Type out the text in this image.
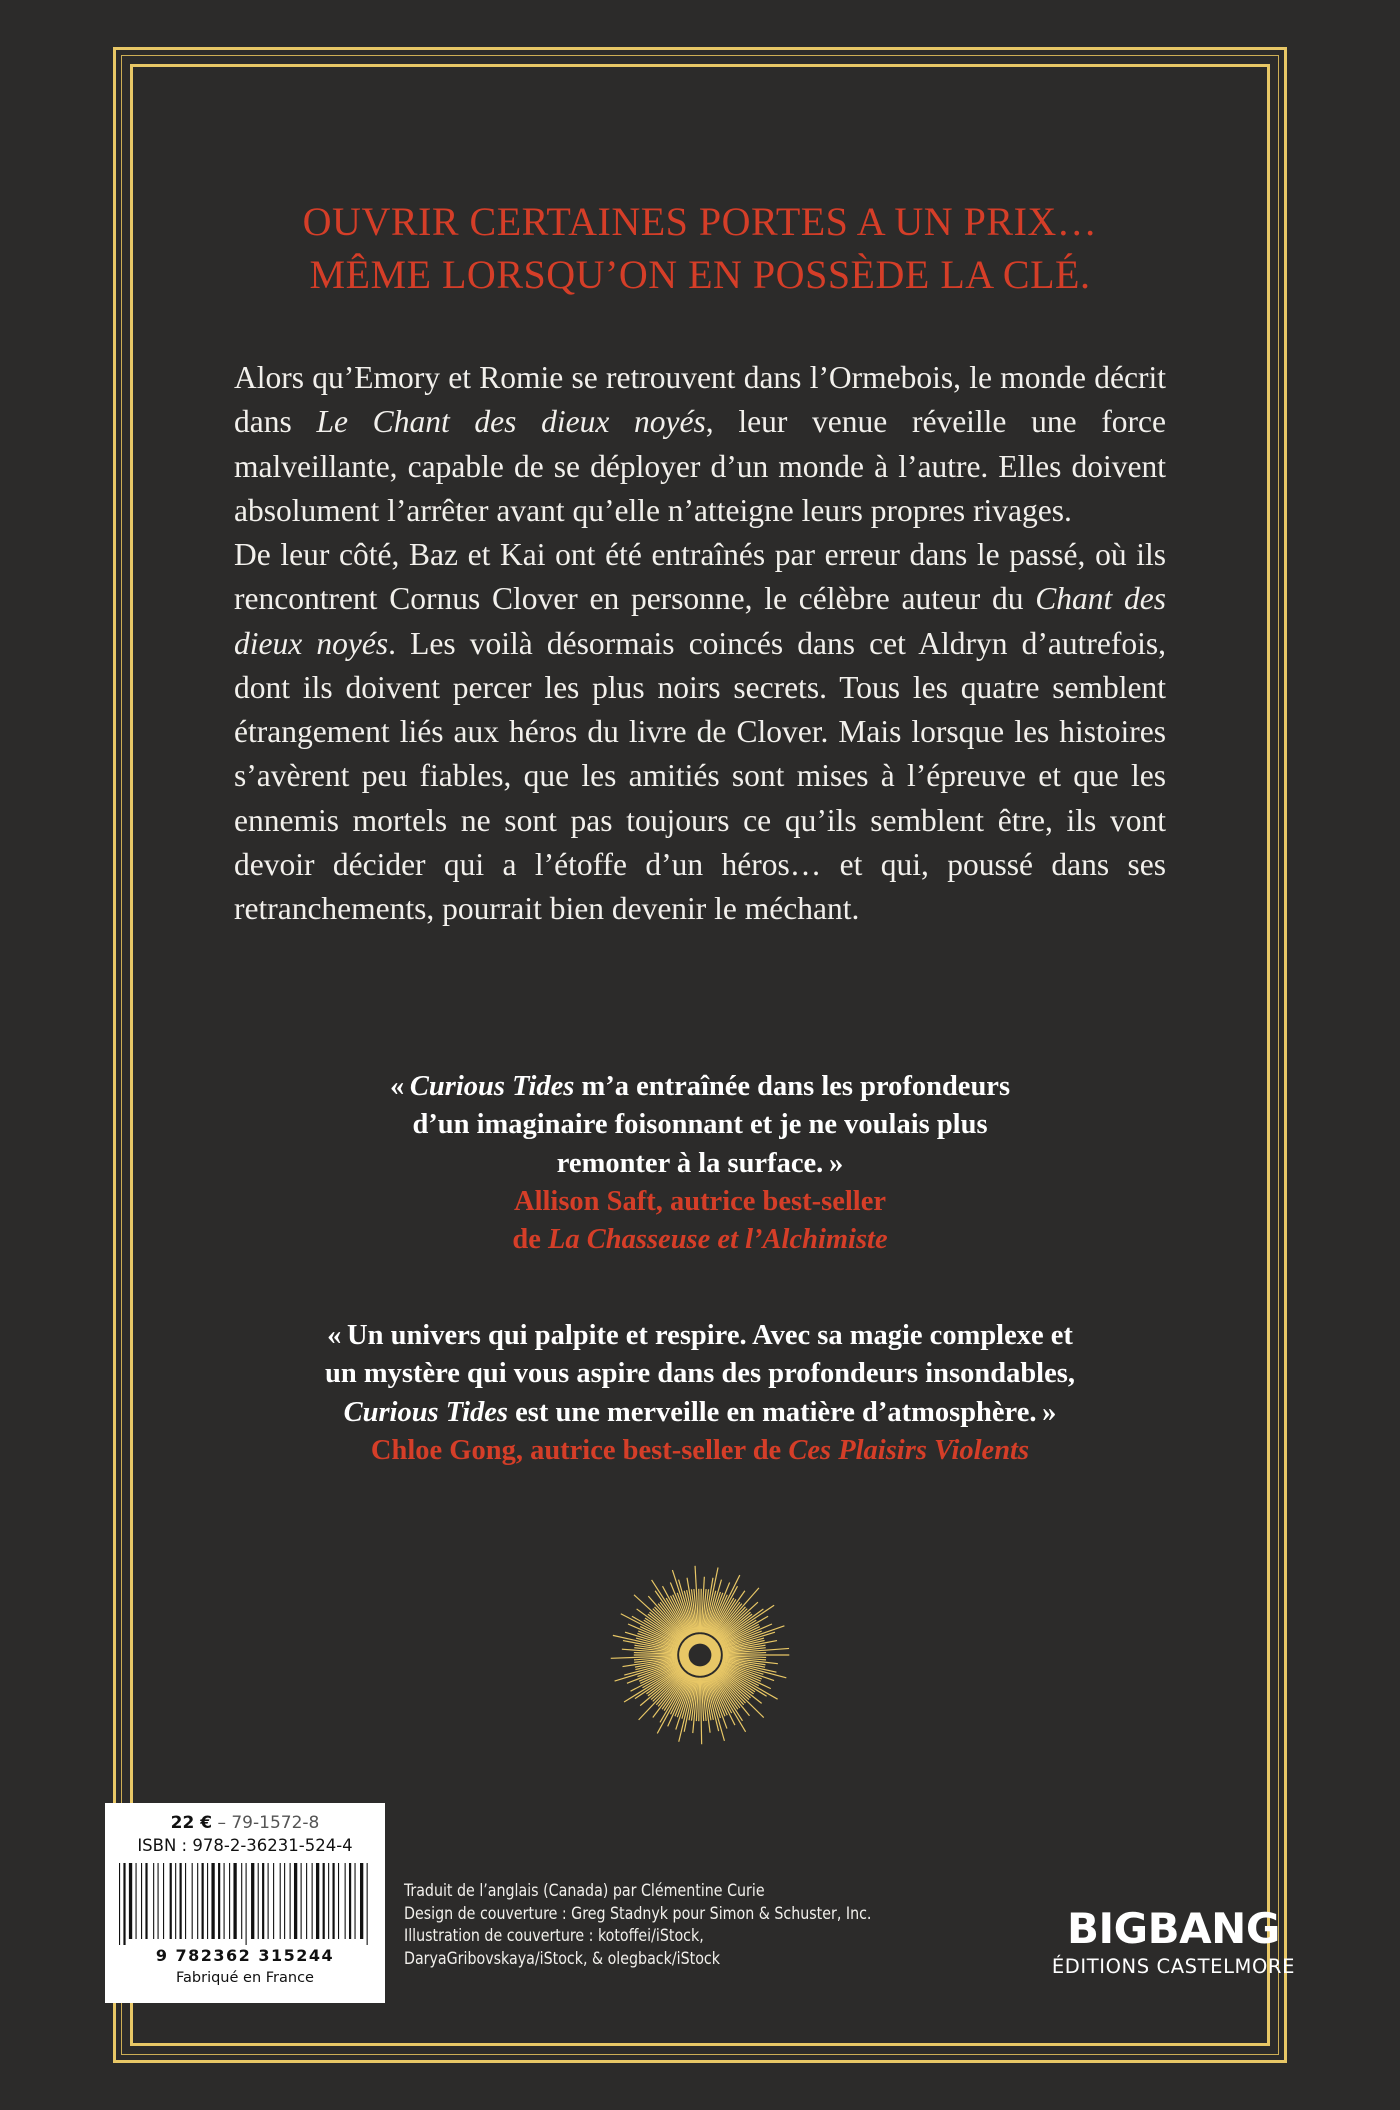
OUVRIR CERTAINES PORTES A UN PRIX…
MÊME LORSQU’ON EN POSSÈDE LA CLÉ.

Alors qu’Emory et Romie se retrouvent dans l’Ormebois, le monde décrit dans Le Chant des dieux noyés, leur venue réveille une force malveillante, capable de se déployer d’un monde à l’autre. Elles doivent absolument l’arrêter avant qu’elle n’atteigne leurs propres rivages.

De leur côté, Baz et Kai ont été entraînés par erreur dans le passé, où ils rencontrent Cornus Clover en personne, le célèbre auteur du Chant des dieux noyés. Les voilà désormais coincés dans cet Aldryn d’autrefois, dont ils doivent percer les plus noirs secrets. Tous les quatre semblent étrangement liés aux héros du livre de Clover. Mais lorsque les histoires s’avèrent peu fiables, que les amitiés sont mises à l’épreuve et que les ennemis mortels ne sont pas toujours ce qu’ils semblent être, ils vont devoir décider qui a l’étoffe d’un héros… et qui, poussé dans ses retranchements, pourrait bien devenir le méchant.

« Curious Tides m’a entraînée dans les profondeurs
d’un imaginaire foisonnant et je ne voulais plus
remonter à la surface. »
Allison Saft, autrice best-seller
de La Chasseuse et l’Alchimiste
« Un univers qui palpite et respire. Avec sa magie complexe et
un mystère qui vous aspire dans des profondeurs insondables,
Curious Tides est une merveille en matière d’atmosphère. »
Chloe Gong, autrice best-seller de Ces Plaisirs Violents
22 € – 79-1572-8
ISBN : 978-2-36231-524-4
9 782362 315244
Fabriqué en France
Traduit de l’anglais (Canada) par Clémentine Curie
Design de couverture : Greg Stadnyk pour Simon & Schuster, Inc.
Illustration de couverture : kotoffei/iStock,
DaryaGribovskaya/iStock, & olegback/iStock
BIGBANG
ÉDITIONS CASTELMORE
